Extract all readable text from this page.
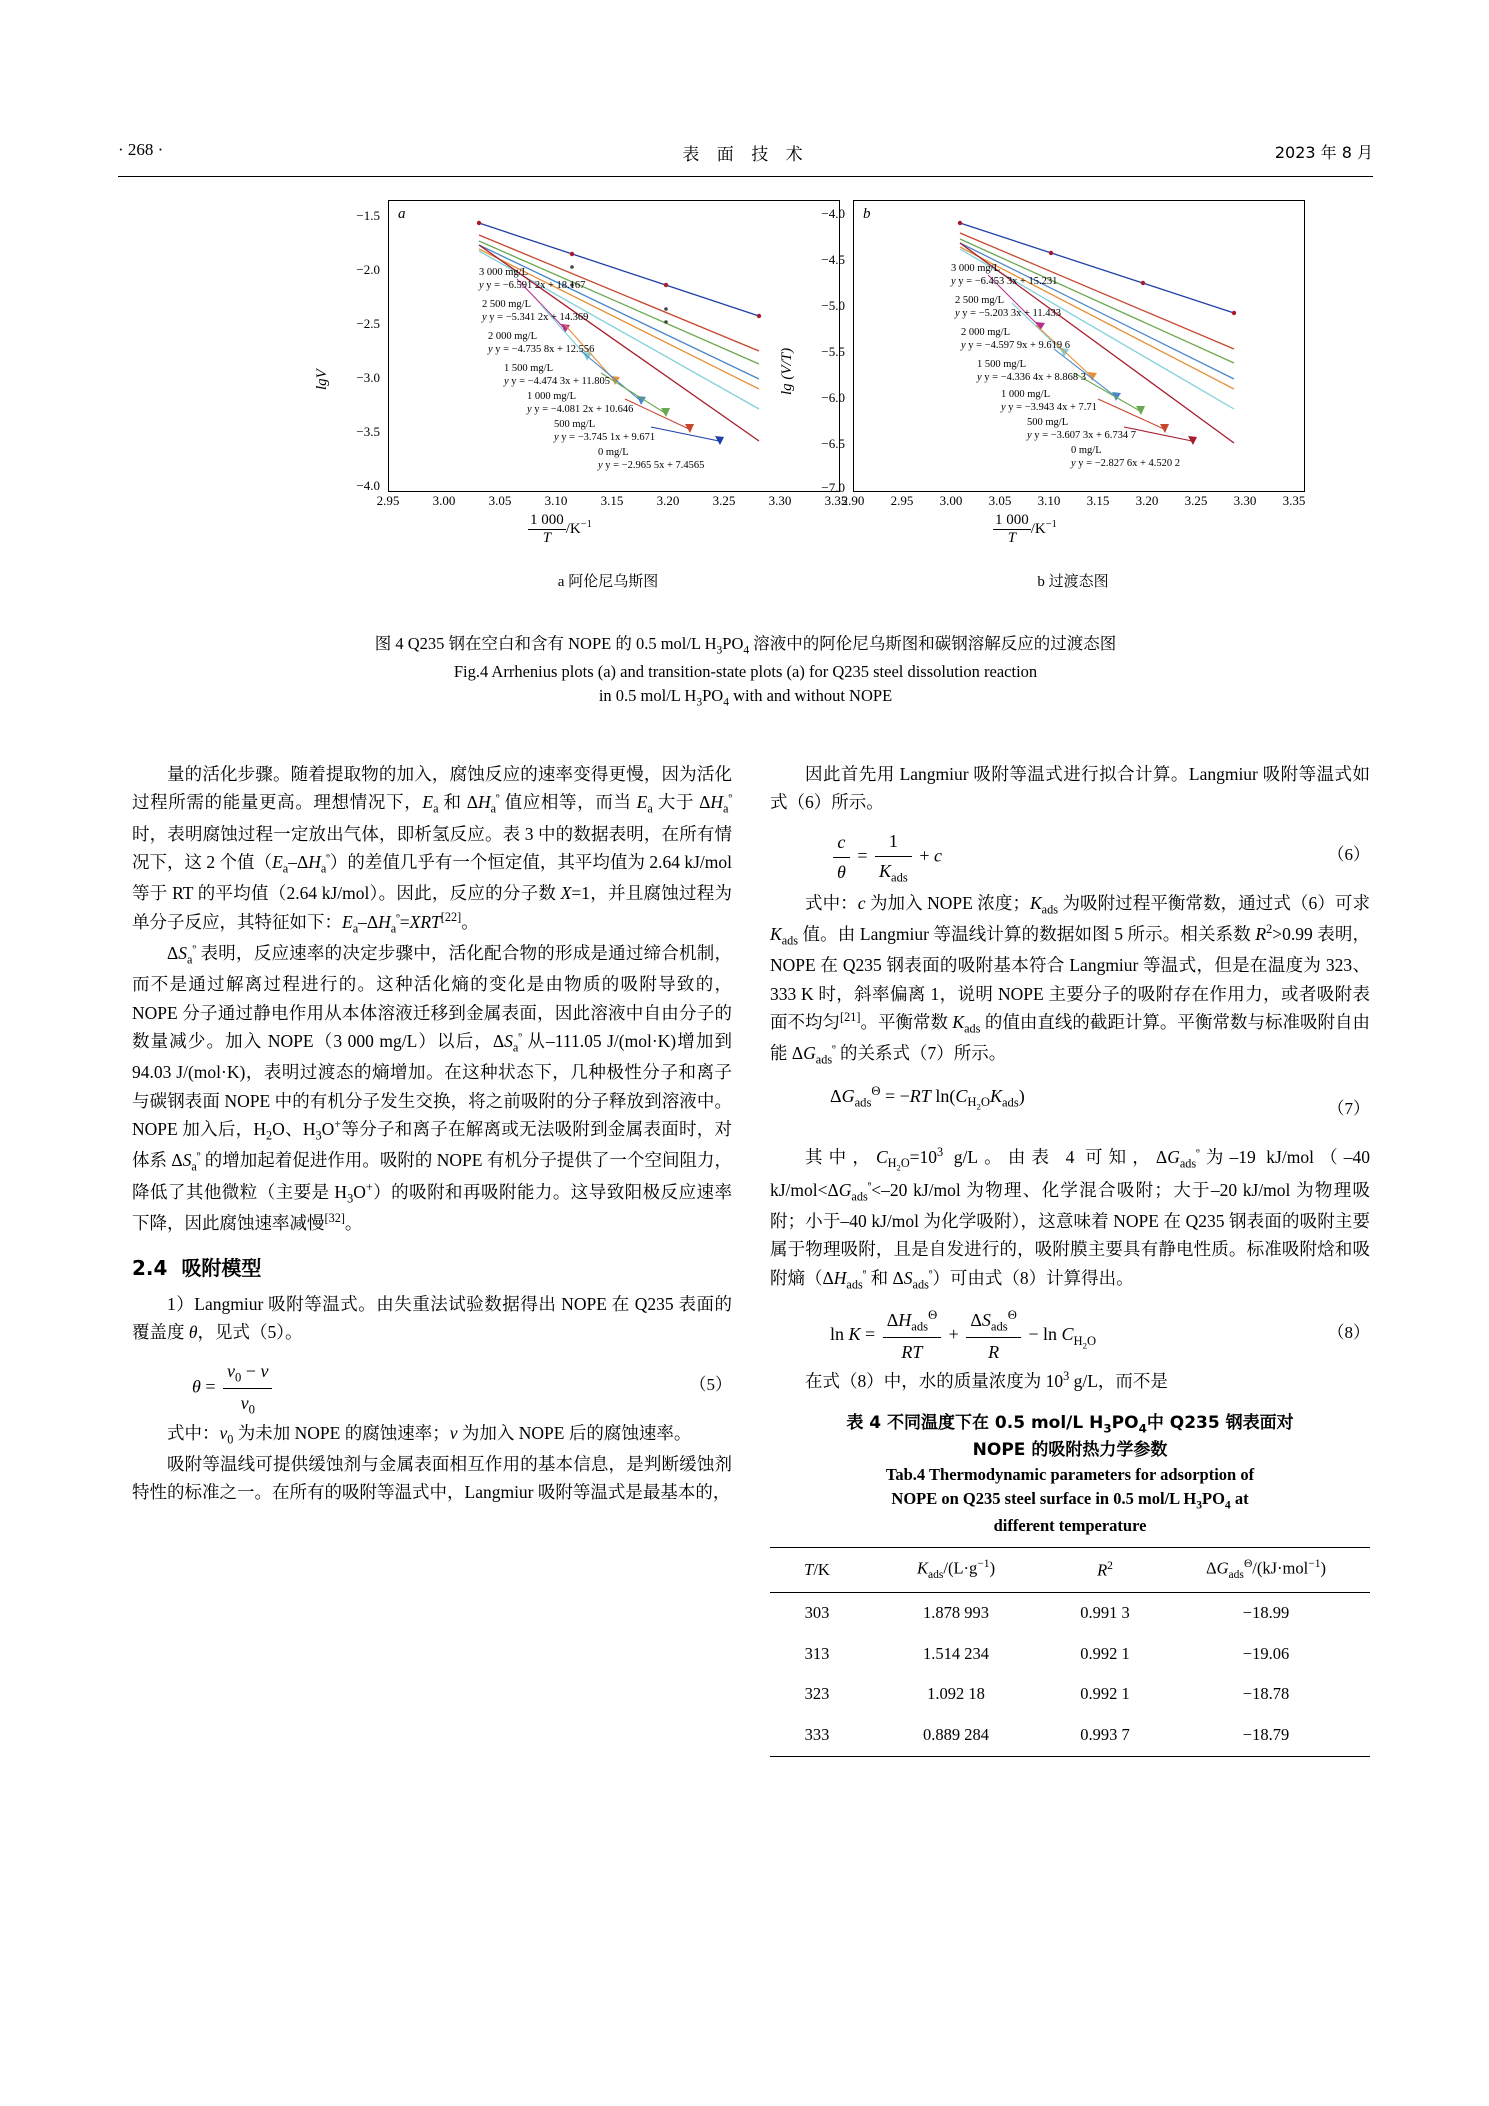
· 268 ·	表 面 技 术	2023 年 8 月
a
lgV
−1.5
−2.0
−2.5
−3.0
−3.5
−4.0
2.95	3.00	3.05	3.10	3.15	3.20	3.25	3.30	3.35
3 000 mg/L
y y = −6.591 2x + 18.167
2 500 mg/L
y y = −5.341 2x + 14.369
2 000 mg/L
y y = −4.735 8x + 12.556
1 500 mg/L
y y = −4.474 3x + 11.805
1 000 mg/L
y y = −4.081 2x + 10.646
500 mg/L
y y = −3.745 1x + 9.671
0 mg/L
y y = −2.965 5x + 7.4565
$\frac{1 000}{T} /K^{-1}$
a 阿伦尼乌斯图
b
lg (V/T)
−4.0
−4.5
−5.0
−5.5
−6.0
−6.5
−7.0
2.90	2.95	3.00	3.05	3.10	3.15	3.20	3.25	3.30	3.35
3 000 mg/L
y y = −6.453 3x + 15.231
2 500 mg/L
y y = −5.203 3x + 11.433
2 000 mg/L
y y = −4.597 9x + 9.619 6
1 500 mg/L
y y = −4.336 4x + 8.868 3
1 000 mg/L
y y = −3.943 4x + 7.71
500 mg/L
y y = −3.607 3x + 6.734 7
0 mg/L
y y = −2.827 6x + 4.520 2
$\frac{1 000}{T} /K^{-1}$
b 过渡态图
图 4 Q235 钢在空白和含有 NOPE 的 0.5 mol/L $H_3PO_4$ 溶液中的阿伦尼乌斯图和碳钢溶解反应的过渡态图
Fig.4 Arrhenius plots (a) and transition-state plots (a) for Q235 steel dissolution reaction
in 0.5 mol/L $H_3PO_4$ with and without NOPE

量的活化步骤。随着提取物的加入，腐蚀反应的速率变得更慢，因为活化过程所需的能量更高。理想情况下，$E_a$ 和 $\Delta H_a^ᶱ$ 值应相等，而当 $E_a$ 大于 $\Delta H_a^ᶱ$ 时，表明腐蚀过程一定放出气体，即析氢反应。表 3 中的数据表明，在所有情况下，这 2 个值$(E_a-\Delta H_a^ᶱ)$的差值几乎有一个恒定值，其平均值为 2.64 kJ/mol 等于 RT 的平均值（2.64 kJ/mol）。因此，反应的分子数 X=1，并且腐蚀过程为单分子反应，其特征如下：$E_a-\Delta H_a^ᶱ=XRT[22]$。

$\Delta S_a^ᶱ$ 表明，反应速率的决定步骤中，活化配合物的形成是通过缔合机制，而不是通过解离过程进行的。这种活化熵的变化是由物质的吸附导致的，NOPE 分子通过静电作用从本体溶液迁移到金属表面，因此溶液中自由分子的数量减少。加入 NOPE（3 000 mg/L）以后，$\Delta S_a^ᶱ$ 从–111.05 J/(mol·K)增加到 94.03 J/(mol·K)，表明过渡态的熵增加。在这种状态下，几种极性分子和离子与碳钢表面 NOPE 中的有机分子发生交换，将之前吸附的分子释放到溶液中。NOPE 加入后，$H_2O$、$H_3O^+$等分子和离子在解离或无法吸附到金属表面时，对体系 $\Delta S_a^ᶱ$ 的增加起着促进作用。吸附的 NOPE 有机分子提供了一个空间阻力，降低了其他微粒（主要是 $H_3O^+$）的吸附和再吸附能力。这导致阳极反应速率下降，因此腐蚀速率减慢[32]。

2.4 吸附模型

1）Langmiur 吸附等温式。由失重法试验数据得出 NOPE 在 Q235 表面的覆盖度 θ，见式（5）。

$\theta = \frac{v_0 - v}{v_0}$	（5）

式中：$v_0$ 为未加 NOPE 的腐蚀速率；v 为加入 NOPE 后的腐蚀速率。

吸附等温线可提供缓蚀剂与金属表面相互作用的基本信息，是判断缓蚀剂特性的标准之一。在所有的吸附等温式中，Langmiur 吸附等温式是最基本的，

因此首先用 Langmiur 吸附等温式进行拟合计算。Langmiur 吸附等温式如式（6）所示。

$\frac{c}{\theta}$ =
1
$K_{ads}$
+ c	（6）

式中：c 为加入 NOPE 浓度；$K_{ads}$ 为吸附过程平衡常数，通过式（6）可求 $K_{ads}$ 值。由 Langmiur 等温线计算的数据如图 5 所示。相关系数 $R^2>0.99$ 表明，NOPE 在 Q235 钢表面的吸附基本符合 Langmiur 等温式，但是在温度为 323、333 K 时，斜率偏离 1，说明 NOPE 主要分子的吸附存在作用力，或者吸附表面不均匀[21]。平衡常数 $K_{ads}$ 的值由直线的截距计算。平衡常数与标准吸附自由能 $\Delta G_{ads}^ᶱ$ 的关系式（7）所示。

$\Delta G_{ads}^\Theta = -RT$ $\ln(C_{H_2O}K_{ads})$
（7）

其中，$C_{H_2O}=10^3$ g/L。由表 4 可知，$\Delta G_{ads}^ᶱ$为–19 kJ/mol（–40 $kJ/mol<\Delta G_{ads}^ᶱ<-20$ kJ/mol 为物理、化学混合吸附；大于–20 kJ/mol 为物理吸附；小于–40 kJ/mol 为化学吸附），这意味着 NOPE 在 Q235 钢表面的吸附主要属于物理吸附，且是自发进行的，吸附膜主要具有静电性质。标准吸附焓和吸附熵（$\Delta H_{ads}^ᶱ$ 和 $\Delta S_{ads}^ᶱ$）可由式（8）计算得出。

ln K =
$\Delta H_{ads}^\Theta$
RT
+
$\Delta S_{ads}^\Theta$
R
− $\ln C_{H_2O}$	（8）

在式（8）中，水的质量浓度为 $10^3$ g/L，而不是

表 4 不同温度下在 0.5 mol/L $H_3PO_4$中 Q235 钢表面对
NOPE 的吸附热力学参数
Tab.4 Thermodynamic parameters for adsorption of
NOPE on Q235 steel surface in 0.5 mol/L $H_3PO_4$ at
different temperature
T/K	$K_{ads}/(L\cdot g^{-1})$	$R^2$	$\Delta G_{ads}^\Theta/(kJ\cdot mol^{-1})$
303	1.878 993	0.991 3	−18.99
313	1.514 234	0.992 1	−19.06
323	1.092 18	0.992 1	−18.78
333	0.889 284	0.993 7	−18.79
